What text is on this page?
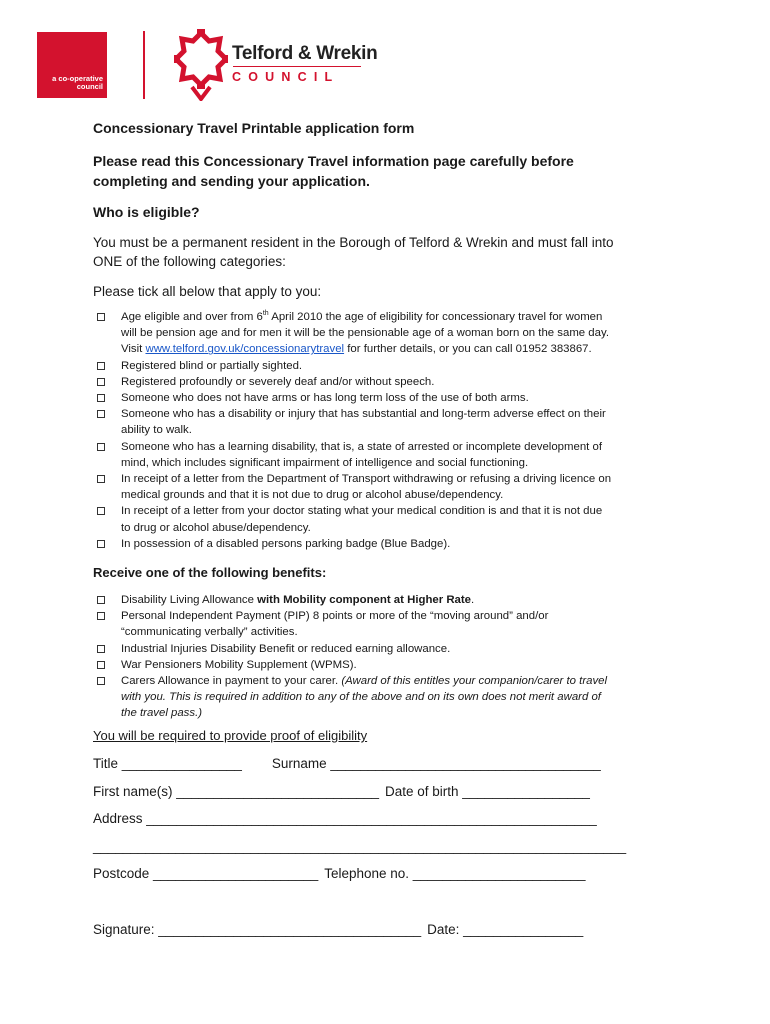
a co-operative council
Telford & Wrekin
COUNCIL
Concessionary Travel Printable application form
Please read this Concessionary Travel information page carefully before
completing and sending your application.
Who is eligible?
You must be a permanent resident in the Borough of Telford & Wrekin and must fall into
ONE of the following categories:
Please tick all below that apply to you:

Age eligible and over from 6th April 2010 the age of eligibility for concessionary travel for women

will be pension age and for men it will be the pensionable age of a woman born on the same day.

Visit www.telford.gov.uk/concessionarytravel for further details, or you can call 01952 383867.

Registered blind or partially sighted.

Registered profoundly or severely deaf and/or without speech.

Someone who does not have arms or has long term loss of the use of both arms.

Someone who has a disability or injury that has substantial and long-term adverse effect on their

ability to walk.

Someone who has a learning disability, that is, a state of arrested or incomplete development of

mind, which includes significant impairment of intelligence and social functioning.

In receipt of a letter from the Department of Transport withdrawing or refusing a driving licence on

medical grounds and that it is not due to drug or alcohol abuse/dependency.

In receipt of a letter from your doctor stating what your medical condition is and that it is not due

to drug or alcohol abuse/dependency.

In possession of a disabled persons parking badge (Blue Badge).

Receive one of the following benefits:

Disability Living Allowance with Mobility component at Higher Rate.

Personal Independent Payment (PIP) 8 points or more of the “moving around” and/or

“communicating verbally” activities.

Industrial Injuries Disability Benefit or reduced earning allowance.

War Pensioners Mobility Supplement (WPMS).

Carers Allowance in payment to your carer. (Award of this entitles your companion/carer to travel

with you. This is required in addition to any of the above and on its own does not merit award of

the travel pass.)

You will be required to provide proof of eligibility
Title ________________ Surname ____________________________________
First name(s) ___________________________ Date of birth _________________
Address ____________________________________________________________
_______________________________________________________________________
Postcode ______________________ Telephone no. _______________________
Signature: ___________________________________ Date: ________________
